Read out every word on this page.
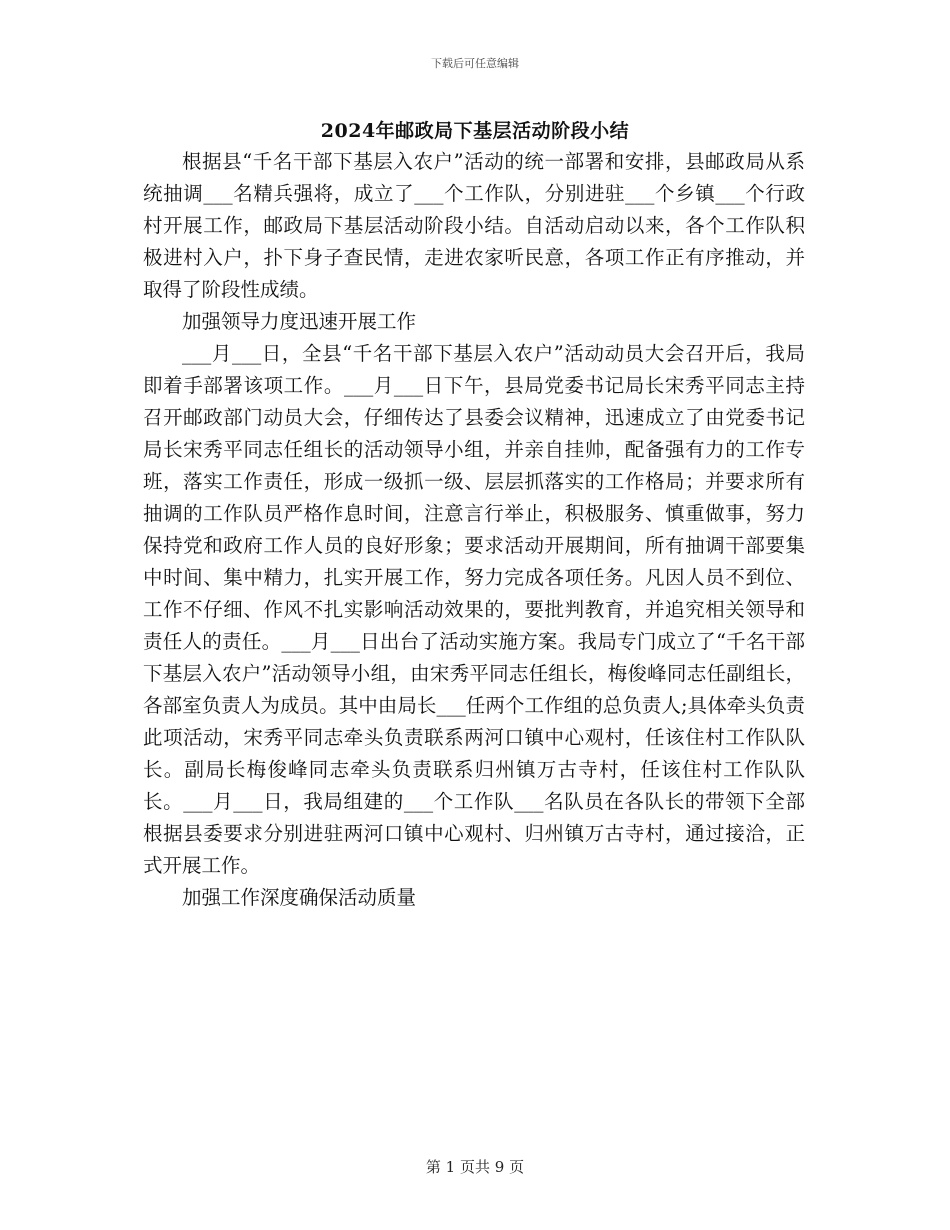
下载后可任意编辑
2024年邮政局下基层活动阶段小结

根据县“千名干部下基层入农户”活动的统一部署和安排，县邮政局从系统抽调___名精兵强将，成立了___个工作队，分别进驻___个乡镇___个行政村开展工作，邮政局下基层活动阶段小结。自活动启动以来，各个工作队积极进村入户，扑下身子查民情，走进农家听民意，各项工作正有序推动，并取得了阶段性成绩。

加强领导力度迅速开展工作

___月___日，全县“千名干部下基层入农户”活动动员大会召开后，我局即着手部署该项工作。___月___日下午，县局党委书记局长宋秀平同志主持召开邮政部门动员大会，仔细传达了县委会议精神，迅速成立了由党委书记局长宋秀平同志任组长的活动领导小组，并亲自挂帅，配备强有力的工作专班，落实工作责任，形成一级抓一级、层层抓落实的工作格局；并要求所有抽调的工作队员严格作息时间，注意言行举止，积极服务、慎重做事，努力保持党和政府工作人员的良好形象；要求活动开展期间，所有抽调干部要集中时间、集中精力，扎实开展工作，努力完成各项任务。凡因人员不到位、工作不仔细、作风不扎实影响活动效果的，要批判教育，并追究相关领导和责任人的责任。___月___日出台了活动实施方案。我局专门成立了“千名干部下基层入农户”活动领导小组，由宋秀平同志任组长，梅俊峰同志任副组长，各部室负责人为成员。其中由局长___任两个工作组的总负责人;具体牵头负责此项活动，宋秀平同志牵头负责联系两河口镇中心观村，任该住村工作队队长。副局长梅俊峰同志牵头负责联系归州镇万古寺村，任该住村工作队队长。___月___日，我局组建的___个工作队___名队员在各队长的带领下全部根据县委要求分别进驻两河口镇中心观村、归州镇万古寺村，通过接洽，正式开展工作。

加强工作深度确保活动质量

第 1 页共 9 页
